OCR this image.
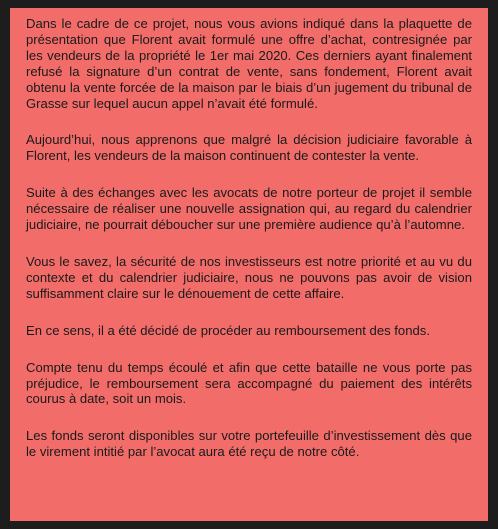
Dans le cadre de ce projet, nous vous avions indiqué dans la plaquette de présentation que Florent avait formulé une offre d’achat, contresignée par les vendeurs de la propriété le 1er mai 2020. Ces derniers ayant finalement refusé la signature d’un contrat de vente, sans fondement, Florent avait obtenu la vente forcée de la maison par le biais d’un jugement du tribunal de Grasse sur lequel aucun appel n’avait été formulé.

Aujourd’hui, nous apprenons que malgré la décision judiciaire favorable à Florent, les vendeurs de la maison continuent de contester la vente.

Suite à des échanges avec les avocats de notre porteur de projet il semble nécessaire de réaliser une nouvelle assignation qui, au regard du calendrier judiciaire, ne pourrait déboucher sur une première audience qu’à l’automne.

Vous le savez, la sécurité de nos investisseurs est notre priorité et au vu du contexte et du calendrier judiciaire, nous ne pouvons pas avoir de vision suffisamment claire sur le dénouement de cette affaire.

En ce sens, il a été décidé de procéder au remboursement des fonds.

Compte tenu du temps écoulé et afin que cette bataille ne vous porte pas préjudice, le remboursement sera accompagné du paiement des intérêts courus à date, soit un mois.

Les fonds seront disponibles sur votre portefeuille d’investissement dès que le virement intitié par l’avocat aura été reçu de notre côté.
